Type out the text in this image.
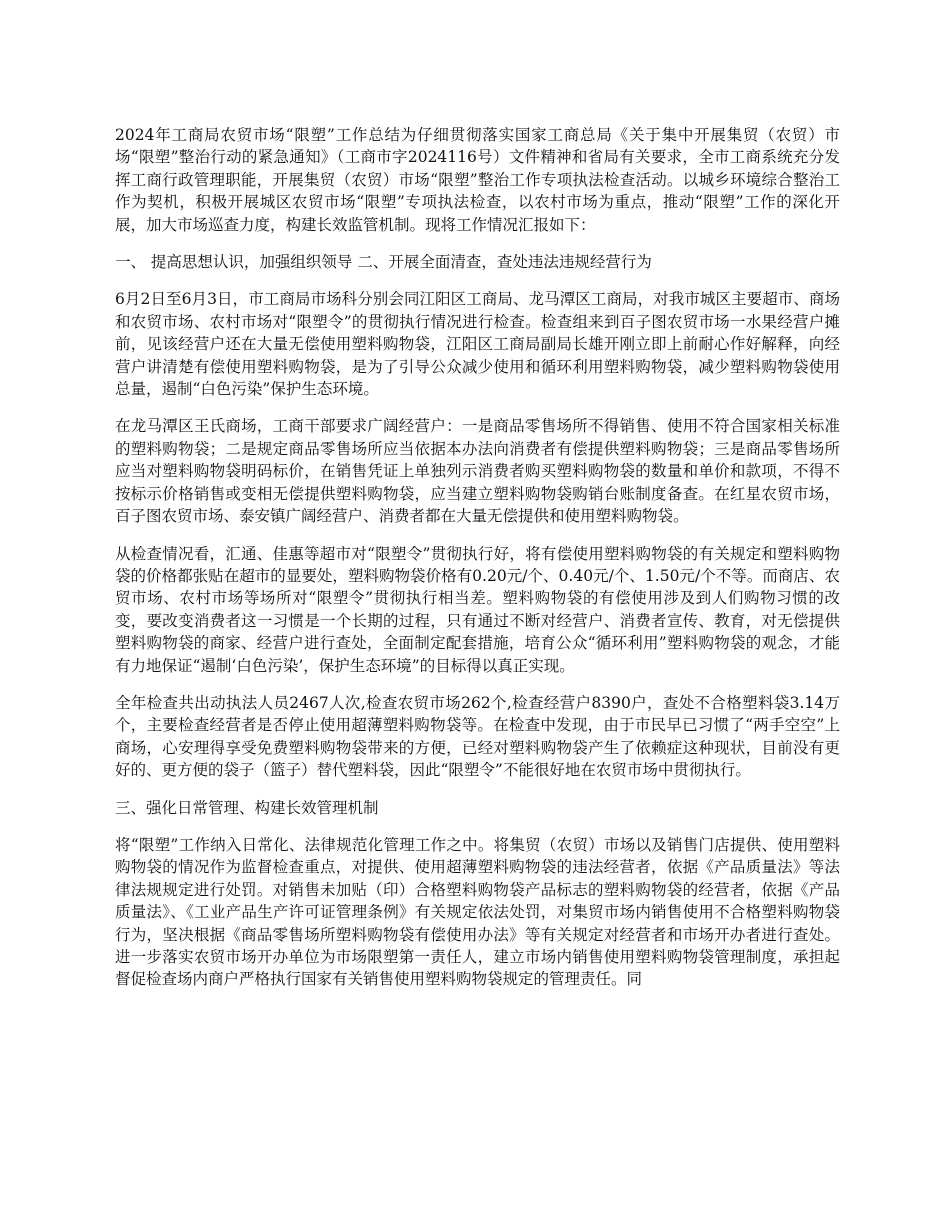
2024年工商局农贸市场“限塑”工作总结为仔细贯彻落实国家工商总局《关于集中开展集贸（农贸）市场“限塑”整治行动的紧急通知》（工商市字2024116号）文件精神和省局有关要求，全市工商系统充分发挥工商行政管理职能，开展集贸（农贸）市场“限塑”整治工作专项执法检查活动。以城乡环境综合整治工作为契机，积极开展城区农贸市场“限塑”专项执法检查，以农村市场为重点，推动“限塑”工作的深化开展，加大市场巡查力度，构建长效监管机制。现将工作情况汇报如下：

一、 提高思想认识，加强组织领导 二、开展全面清查，查处违法违规经营行为

6月2日至6月3日，市工商局市场科分别会同江阳区工商局、龙马潭区工商局，对我市城区主要超市、商场和农贸市场、农村市场对“限塑令”的贯彻执行情况进行检查。检查组来到百子图农贸市场一水果经营户摊前，见该经营户还在大量无偿使用塑料购物袋，江阳区工商局副局长雄开刚立即上前耐心作好解释，向经营户讲清楚有偿使用塑料购物袋，是为了引导公众减少使用和循环利用塑料购物袋，减少塑料购物袋使用总量，遏制“白色污染”保护生态环境。

在龙马潭区王氏商场，工商干部要求广阔经营户：一是商品零售场所不得销售、使用不符合国家相关标准的塑料购物袋；二是规定商品零售场所应当依据本办法向消费者有偿提供塑料购物袋；三是商品零售场所应当对塑料购物袋明码标价，在销售凭证上单独列示消费者购买塑料购物袋的数量和单价和款项，不得不按标示价格销售或变相无偿提供塑料购物袋，应当建立塑料购物袋购销台账制度备查。在红星农贸市场，百子图农贸市场、泰安镇广阔经营户、消费者都在大量无偿提供和使用塑料购物袋。

从检查情况看，汇通、佳惠等超市对“限塑令”贯彻执行好，将有偿使用塑料购物袋的有关规定和塑料购物袋的价格都张贴在超市的显要处，塑料购物袋价格有0.20元/个、0.40元/个、1.50元/个不等。而商店、农贸市场、农村市场等场所对“限塑令”贯彻执行相当差。塑料购物袋的有偿使用涉及到人们购物习惯的改变，要改变消费者这一习惯是一个长期的过程，只有通过不断对经营户、消费者宣传、教育，对无偿提供塑料购物袋的商家、经营户进行查处，全面制定配套措施，培育公众“循环利用”塑料购物袋的观念，才能有力地保证“遏制‘白色污染’，保护生态环境”的目标得以真正实现。

全年检查共出动执法人员2467人次,检查农贸市场262个,检查经营户8390户，查处不合格塑料袋3.14万个，主要检查经营者是否停止使用超薄塑料购物袋等。在检查中发现，由于市民早已习惯了“两手空空”上商场，心安理得享受免费塑料购物袋带来的方便，已经对塑料购物袋产生了依赖症这种现状，目前没有更好的、更方便的袋子（篮子）替代塑料袋，因此“限塑令”不能很好地在农贸市场中贯彻执行。

三、强化日常管理、构建长效管理机制

将“限塑”工作纳入日常化、法律规范化管理工作之中。将集贸（农贸）市场以及销售门店提供、使用塑料购物袋的情况作为监督检查重点，对提供、使用超薄塑料购物袋的违法经营者，依据《产品质量法》等法律法规规定进行处罚。对销售未加贴（印）合格塑料购物袋产品标志的塑料购物袋的经营者，依据《产品质量法》、《工业产品生产许可证管理条例》有关规定依法处罚，对集贸市场内销售使用不合格塑料购物袋行为，坚决根据《商品零售场所塑料购物袋有偿使用办法》等有关规定对经营者和市场开办者进行查处。进一步落实农贸市场开办单位为市场限塑第一责任人，建立市场内销售使用塑料购物袋管理制度，承担起督促检查场内商户严格执行国家有关销售使用塑料购物袋规定的管理责任。同
